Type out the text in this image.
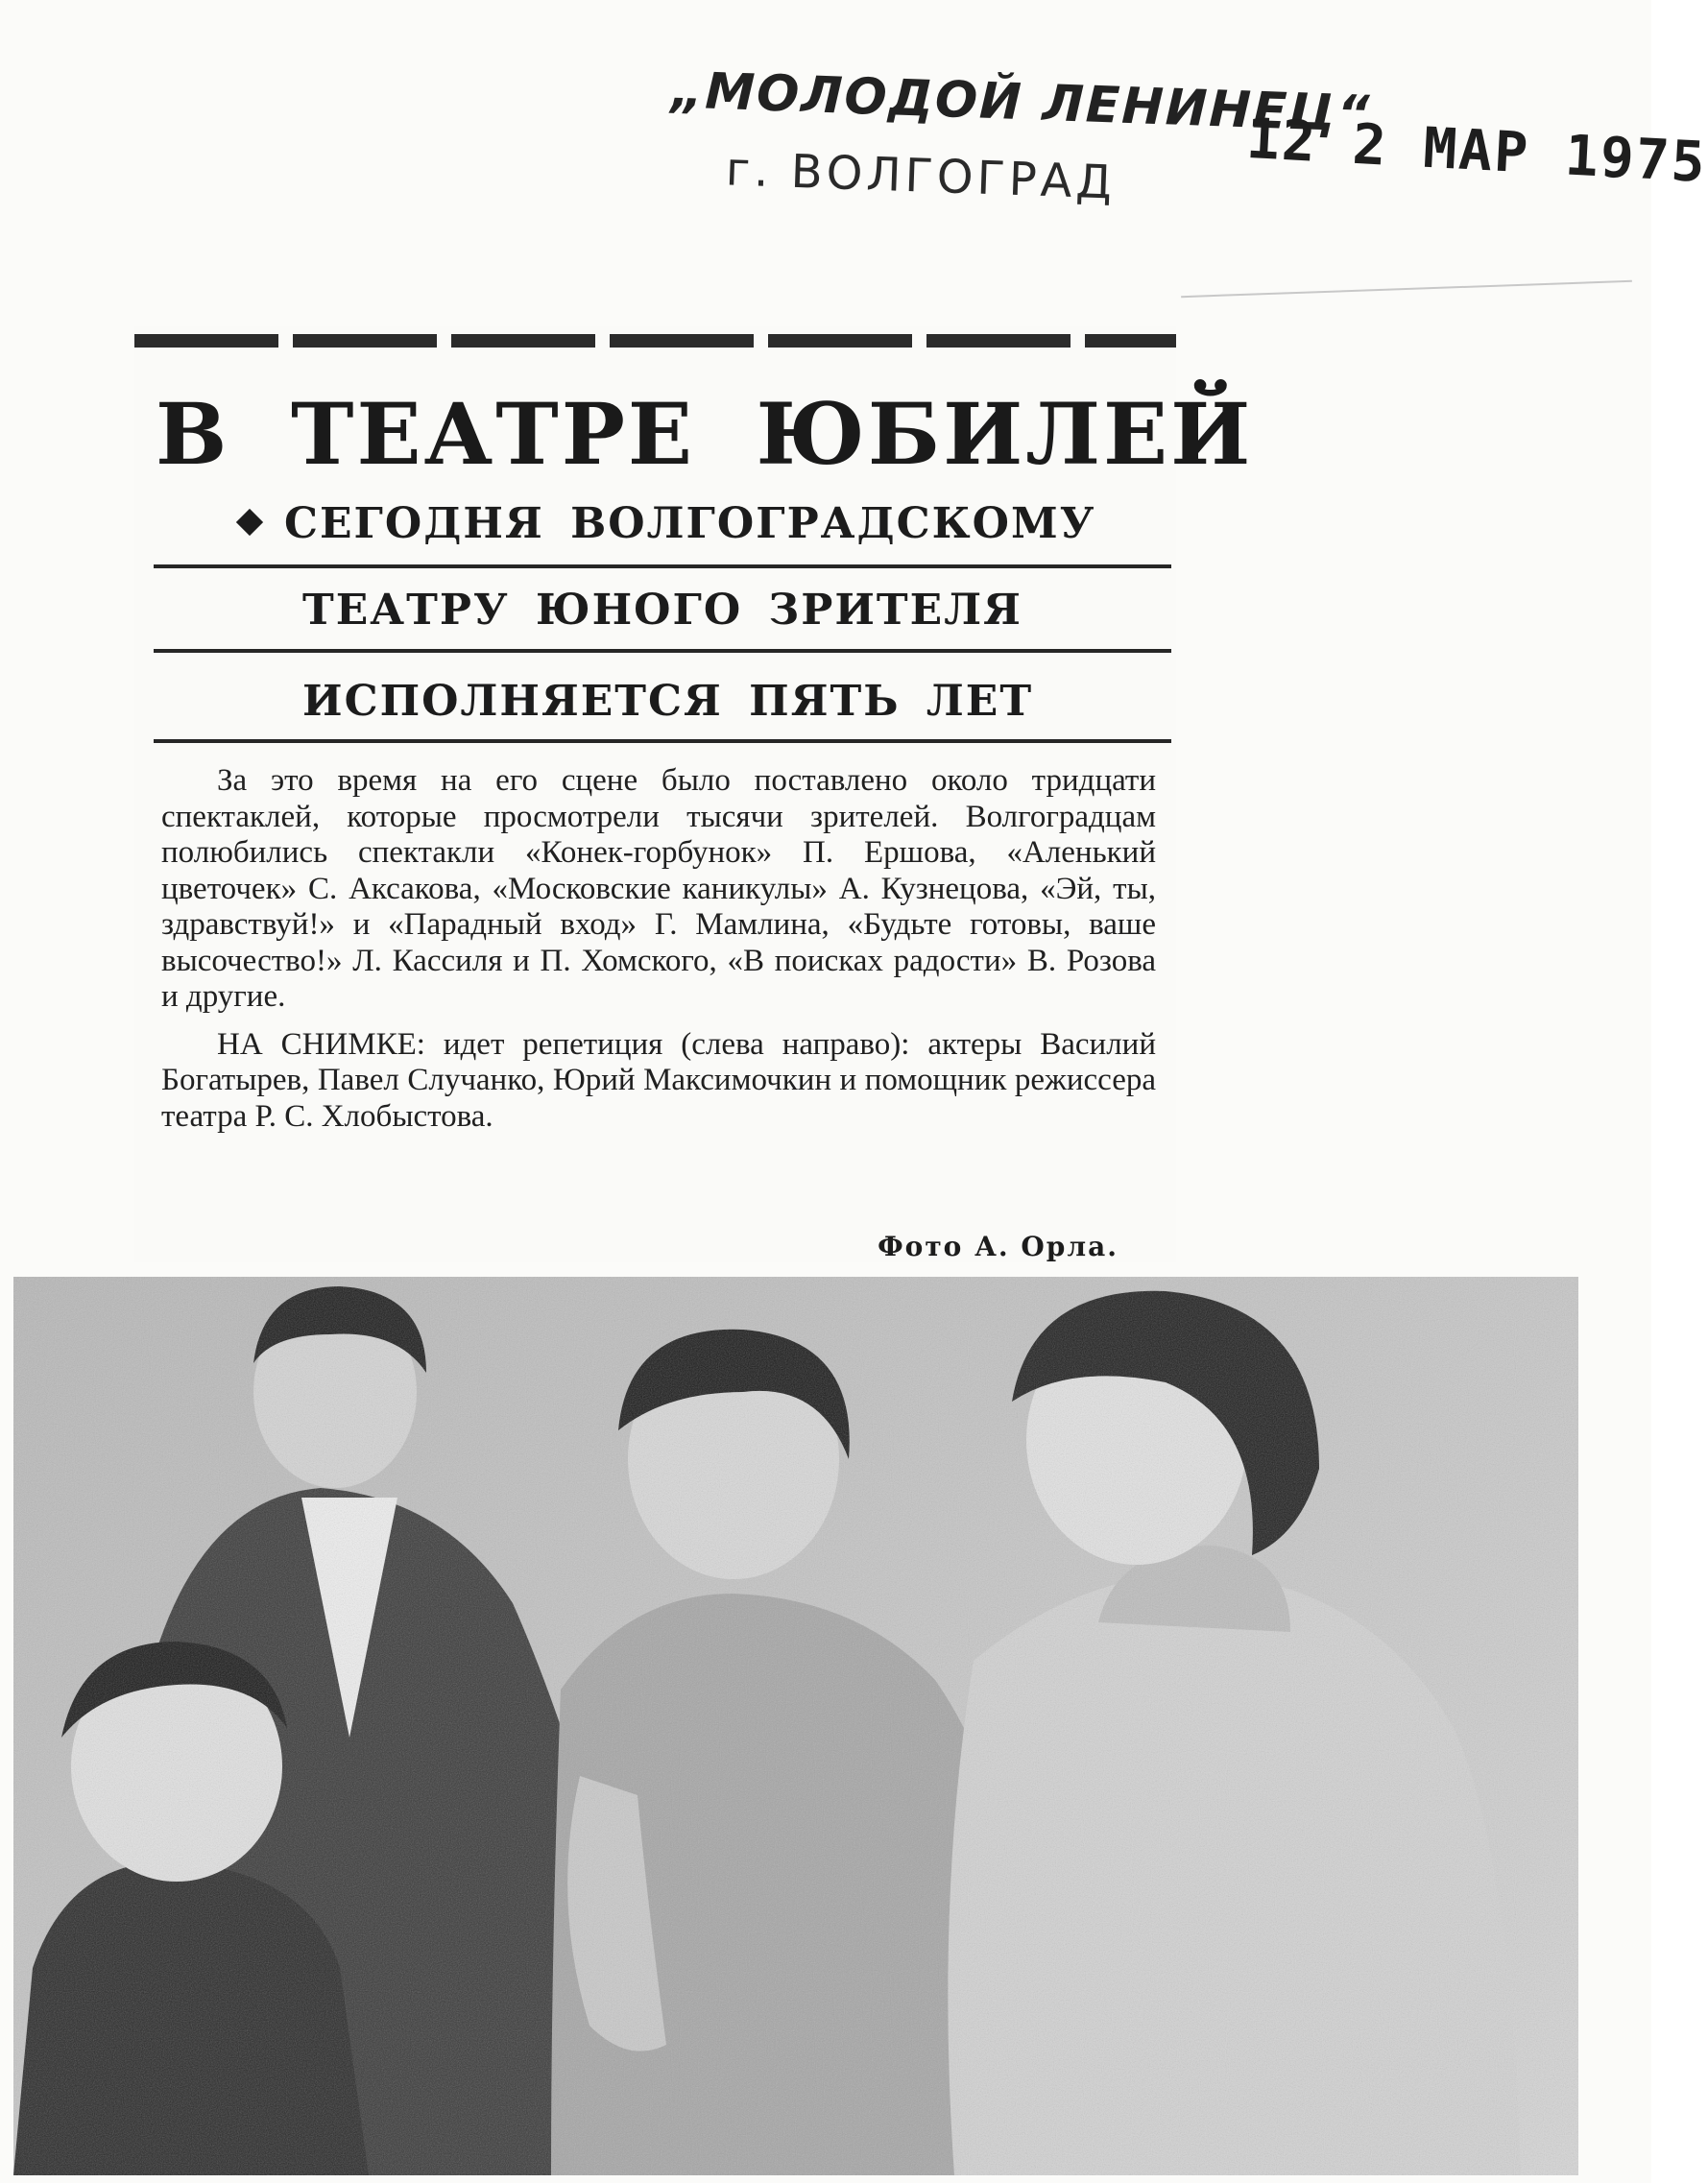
„МОЛОДОЙ ЛЕНИНЕЦ“
г. ВОЛГОГРАД 12 2 МАР 1975
В ТЕАТРЕ ЮБИЛЕЙ
СЕГОДНЯ ВОЛГОГРАДСКОМУ
ТЕАТРУ ЮНОГО ЗРИТЕЛЯ
ИСПОЛНЯЕТСЯ ПЯТЬ ЛЕТ

За это время на его сцене было поставлено около тридцати спектаклей, которые просмотрели тысячи зрителей. Волгоградцам полюбились спектакли «Конек-горбунок» П. Ершова, «Аленький цветочек» С. Аксакова, «Московские каникулы» А. Кузнецова, «Эй, ты, здравствуй!» и «Парадный вход» Г. Мамлина, «Будьте готовы, ваше высочество!» Л. Кассиля и П. Хомского, «В поисках радости» В. Розова и другие.

НА СНИМКЕ: идет репетиция (слева направо): актеры Василий Богатырев, Павел Случанко, Юрий Максимочкин и помощник режиссера театра Р. С. Хлобыстова.

Фото А. Орла.
